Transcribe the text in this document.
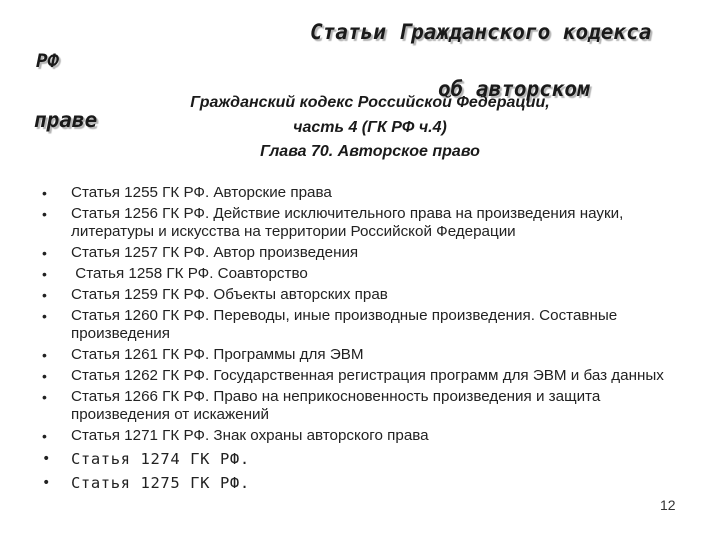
Статьи Гражданского кодекса
РФ
об авторском
праве
Гражданский кодекс Российской Федерации,
часть 4 (ГК РФ ч.4)
Глава 70. Авторское право
• Статья 1255 ГК РФ. Авторские права
• Статья 1256 ГК РФ. Действие исключительного права на произведения науки, литературы и искусства на территории Российской Федерации
• Статья 1257 ГК РФ. Автор произведения
•  Статья 1258 ГК РФ. Соавторство
• Статья 1259 ГК РФ. Объекты авторских прав
• Статья 1260 ГК РФ. Переводы, иные производные произведения. Составные произведения
• Статья 1261 ГК РФ. Программы для ЭВМ
• Статья 1262 ГК РФ. Государственная регистрация программ для ЭВМ и баз данных
• Статья 1266 ГК РФ. Право на неприкосновенность произведения и защита произведения от искажений
• Статья 1271 ГК РФ. Знак охраны авторского права
• Статья 1274 ГК РФ.
• Статья 1275 ГК РФ.
12
